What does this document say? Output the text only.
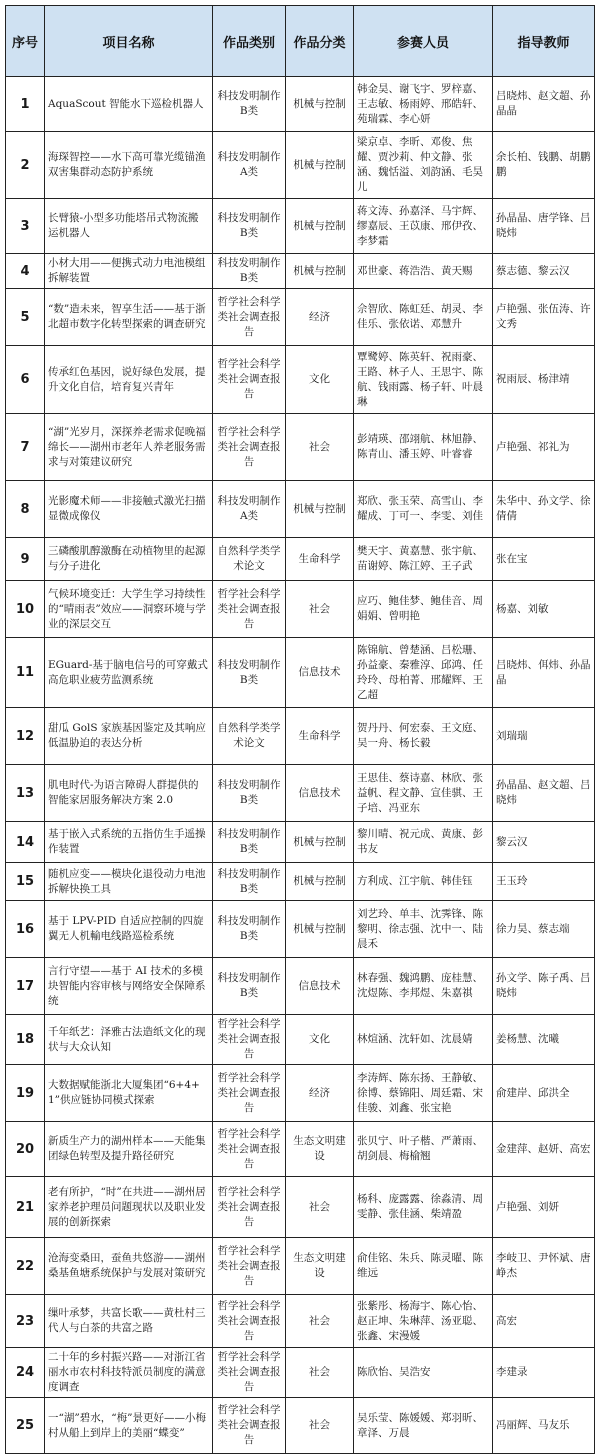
序号	项目名称	作品类别	作品分类	参赛人员	指导教师
1	AquaScout 智能水下巡检机器人	科技发明制作B类	机械与控制	韩金昊、谢飞宇、罗梓嘉、王志敏、杨雨婷、邢皓轩、苑瑞霖、李心妍	吕晓炜、赵文超、孙晶晶
2	海琛智控——水下高可靠光缆锚渔双害集群动态防护系统	科技发明制作A类	机械与控制	梁京卓、李昕、邓俊、焦耀、贾沙莉、仲文静、张涵、魏恬溢、刘韵涵、毛昊儿	余长柏、钱鹏、胡鹏鹏
3	长臂猿-小型多功能塔吊式物流搬运机器人	科技发明制作B类	机械与控制	蒋文涛、孙嘉泽、马宇辉、缪嘉辰、王苡康、邢伊孜、李梦霜	孙晶晶、唐学锋、吕晓炜
4	小材大用——便携式动力电池模组拆解装置	科技发明制作B类	机械与控制	邓世豪、蒋浩浩、黄天赐	蔡志德、黎云汉
5	“数”造未来，智享生活——基于浙北超市数字化转型探索的调查研究	哲学社会科学类社会调查报告	经济	佘智欣、陈虹廷、胡灵、李佳乐、张依诺、邓慧升	卢艳强、张伍涛、许文秀
6	传承红色基因，说好绿色发展，提升文化自信，培育复兴青年	哲学社会科学类社会调查报告	文化	覃鹭婷、陈英轩、祝雨豪、王路、林子人、王思宇、陈航、钱雨露、杨子轩、叶晨琳	祝雨辰、杨津靖
7	“湖”光岁月，深探养老需求促晚福绵长——湖州市老年人养老服务需求与对策建议研究	哲学社会科学类社会调查报告	社会	彭靖瑛、邵翊航、林旭静、陈青山、潘玉婷、叶睿睿	卢艳强、祁礼为
8	光影魔术师——非接触式激光扫描显微成像仪	科技发明制作A类	机械与控制	郑欣、张玉荣、高雪山、李耀成、丁可一、李雯、刘佳	朱华中、孙文学、徐倩倩
9	三磷酸肌醇激酶在动植物里的起源与分子进化	自然科学类学术论文	生命科学	樊天宇、黄嘉慧、张宇航、苗谢婷、陈江婷、王子武	张在宝
10	气候环境变迁：大学生学习持续性的“晴雨表”效应——洞察环境与学业的深层交互	哲学社会科学类社会调查报告	社会	应巧、鲍佳梦、鲍佳音、周娟娟、曾明艳	杨嘉、刘敏
11	EGuard-基于脑电信号的可穿戴式高危职业疲劳监测系统	科技发明制作B类	信息技术	陈锦航、曾楚涵、吕松珊、孙益豪、秦雅淳、邱鸿、任玲玲、母柏菁、邢耀辉、王乙超	吕晓炜、佴炜、孙晶晶
12	甜瓜 GolS 家族基因鉴定及其响应低温胁迫的表达分析	自然科学类学术论文	生命科学	贺丹丹、何宏泰、王文庭、吴一舟、杨长毅	刘瑞瑞
13	肌电时代-为语言障碍人群提供的智能家居服务解决方案 2.0	科技发明制作B类	信息技术	王思佳、蔡诗嘉、林欣、张益帆、程文静、宣佳骐、王子培、冯亚东	孙晶晶、赵文超、吕晓炜
14	基于嵌入式系统的五指仿生手遥操作装置	科技发明制作B类	机械与控制	黎川晴、祝元成、黄康、彭书友	黎云汉
15	随机应变——模块化退役动力电池拆解快换工具	科技发明制作B类	机械与控制	方利成、江宇航、韩佳钰	王玉玲
16	基于 LPV-PID 自适应控制的四旋翼无人机輸电线路巡检系统	科技发明制作B类	机械与控制	刘艺玲、单丰、沈霁锋、陈黎明、徐志强、沈中一、陆晨禾	徐力昊、蔡志端
17	言行守望——基于 AI 技术的多模块智能内容审核与网络安全保障系统	科技发明制作B类	信息技术	林春强、魏鸿鹏、庞桂慧、沈煜陈、李邦煜、朱嘉祺	孙文学、陈子禹、吕晓炜
18	千年纸艺：泽雅古法造纸文化的现状与大众认知	哲学社会科学类社会调查报告	文化	林煊涵、沈轩如、沈晨婧	姜杨慧、沈曦
19	大数据赋能浙北大厦集团“6+4+1”供应链协同模式探索	哲学社会科学类社会调查报告	经济	李涛辉、陈东扬、王静敏、徐博、蔡锦阳、周廷霜、宋佳骏、刘鑫、张宝艳	俞建岸、邱洪全
20	新质生产力的湖州样本——天能集团绿色转型及提升路径研究	哲学社会科学类社会调查报告	生态文明建设	张贝宁、叶子楷、严萧雨、胡剑晨、梅榆翘	金建萍、赵妍、高宏
21	老有所护，“时”在共进——湖州居家养老护理员问题现状以及职业发展的创新探索	哲学社会科学类社会调查报告	社会	杨科、庞露露、徐淼清、周雯静、张佳涵、柴靖盈	卢艳强、刘妍
22	沧海变桑田，蚕鱼共悠游——湖州桑基鱼塘系统保护与发展对策研究	哲学社会科学类社会调查报告	生态文明建设	俞佳铭、朱兵、陈灵曜、陈维远	李岐卫、尹怀斌、唐峥杰
23	缫叶承梦，共富长歌——黄杜村三代人与白茶的共富之路	哲学社会科学类社会调查报告	社会	张紫彤、杨海宇、陈心怡、赵正坤、朱琳萍、汤亚聪、张鑫、宋漫媛	高宏
24	二十年的乡村振兴路——对浙江省丽水市农村科技特派员制度的满意度调查	哲学社会科学类社会调查报告	社会	陈欣怡、吴浩安	李建录
25	一“湖”碧水，“梅”景更好——小梅村从船上到岸上的美丽“蝶变”	哲学社会科学类社会调查报告	社会	吴乐莹、陈媛媛、郑羽昕、章泽、万晨	冯丽辉、马友乐
